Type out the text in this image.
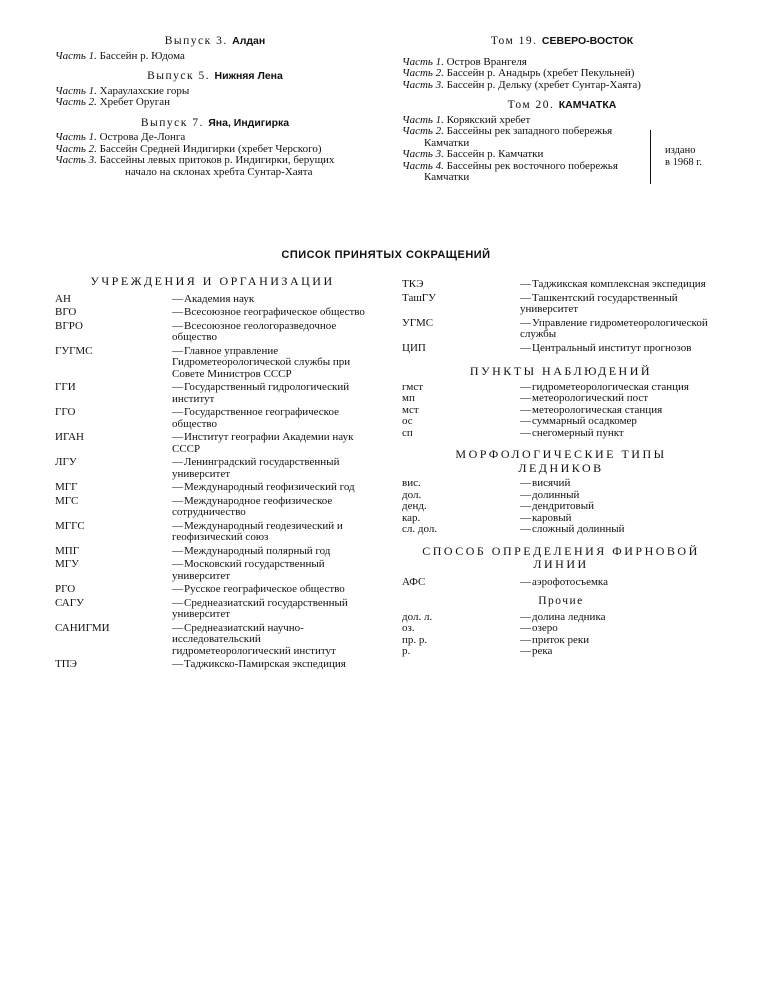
Выпуск 3. Алдан
Часть 1. Бассейн р. Юдома
Выпуск 5. Нижняя Лена
Часть 1. Хараулахские горы
Часть 2. Хребет Оруган
Выпуск 7. Яна, Индигирка
Часть 1. Острова Де-Лонга
Часть 2. Бассейн Средней Индигирки (хребет Черского)
Часть 3. Бассейны левых притоков р. Индигирки, берущих
начало на склонах хребта Сунтар-Хаята
Том 19. СЕВЕРО-ВОСТОК
Часть 1. Остров Врангеля
Часть 2. Бассейн р. Анадырь (хребет Пекульней)
Часть 3. Бассейн р. Дельку (хребет Сунтар-Хаята)
Том 20. КАМЧАТКА
Часть 1. Корякский хребет
Часть 2. Бассейны рек западного побережья
Камчатки
Часть 3. Бассейн р. Камчатки
Часть 4. Бассейны рек восточного побережья
Камчатки
издано
в 1968 г.
СПИСОК ПРИНЯТЫХ СОКРАЩЕНИЙ
УЧРЕЖДЕНИЯ И ОРГАНИЗАЦИИ
АН	—Академия наук
ВГО	—Всесоюзное географическое общество
ВГРО	—Всесоюзное геологоразведочное общество
ГУГМС	—Главное управление Гидрометеорологической службы при Совете Министров СССР
ГГИ	—Государственный гидрологический институт
ГГО	—Государственное географическое общество
ИГАН	—Институт географии Академии наук СССР
ЛГУ	—Ленинградский государственный университет
МГГ	—Международный геофизический год
МГС	—Международное геофизическое сотрудничество
МГГС	—Международный геодезический и геофизический союз
МПГ	—Международный полярный год
МГУ	—Московский государственный университет
РГО	—Русское географическое общество
САГУ	—Среднеазиатский государственный университет
САНИГМИ	—Среднеазиатский научно-исследовательский гидрометеорологический институт
ТПЭ	—Таджикско-Памирская экспедиция
ТКЭ	—Таджикская комплексная экспедиция
ТашГУ	—Ташкентский государственный университет
УГМС	—Управление гидрометеорологической службы
ЦИП	—Центральный институт прогнозов
ПУНКТЫ НАБЛЮДЕНИЙ
гмст	—гидрометеорологическая станция
мп	—метеорологический пост
мст	—метеорологическая станция
ос	—суммарный осадкомер
сп	—снегомерный пункт
МОРФОЛОГИЧЕСКИЕ ТИПЫ
ЛЕДНИКОВ
вис.	—висячий
дол.	—долинный
денд.	—дендритовый
кар.	—каровый
сл. дол.	—сложный долинный
СПОСОБ ОПРЕДЕЛЕНИЯ ФИРНОВОЙ
ЛИНИИ
АФС	—аэрофотосъемка
Прочие
дол. л.	—долина ледника
оз.	—озеро
пр. р.	—приток реки
р.	—река
